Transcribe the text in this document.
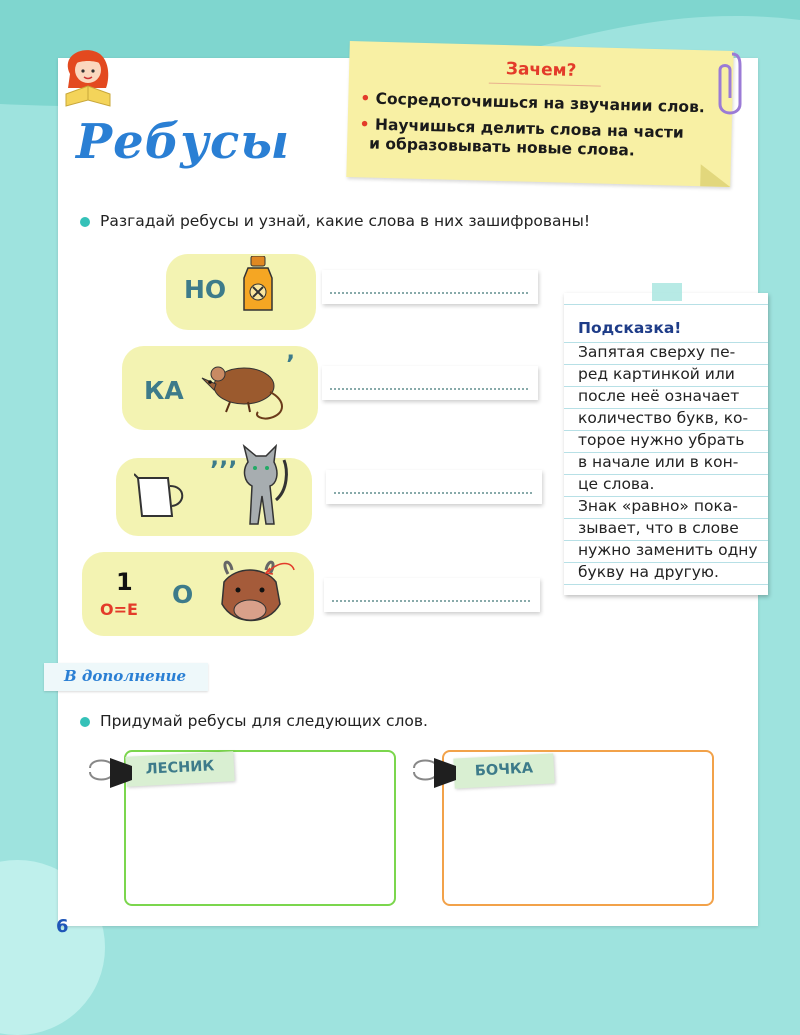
ЧТЕНИЕ
Ребусы
Зачем?
• Сосредоточишься на звучании слов.
• Научишься делить слова на части
и образовывать новые слова.
Разгадай ребусы и узнай, какие слова в них зашифрованы!
НО
КА
’
’’’
1
О=Е
О
Подсказка!
Запятая сверху пе-
ред картинкой или
после неё означает
количество букв, ко-
торое нужно убрать
в начале или в кон-
це слова.
Знак «равно» пока-
зывает, что в слове
нужно заменить одну
букву на другую.
В дополнение
Придумай ребусы для следующих слов.
ЛЕСНИК	БОЧКА
6
